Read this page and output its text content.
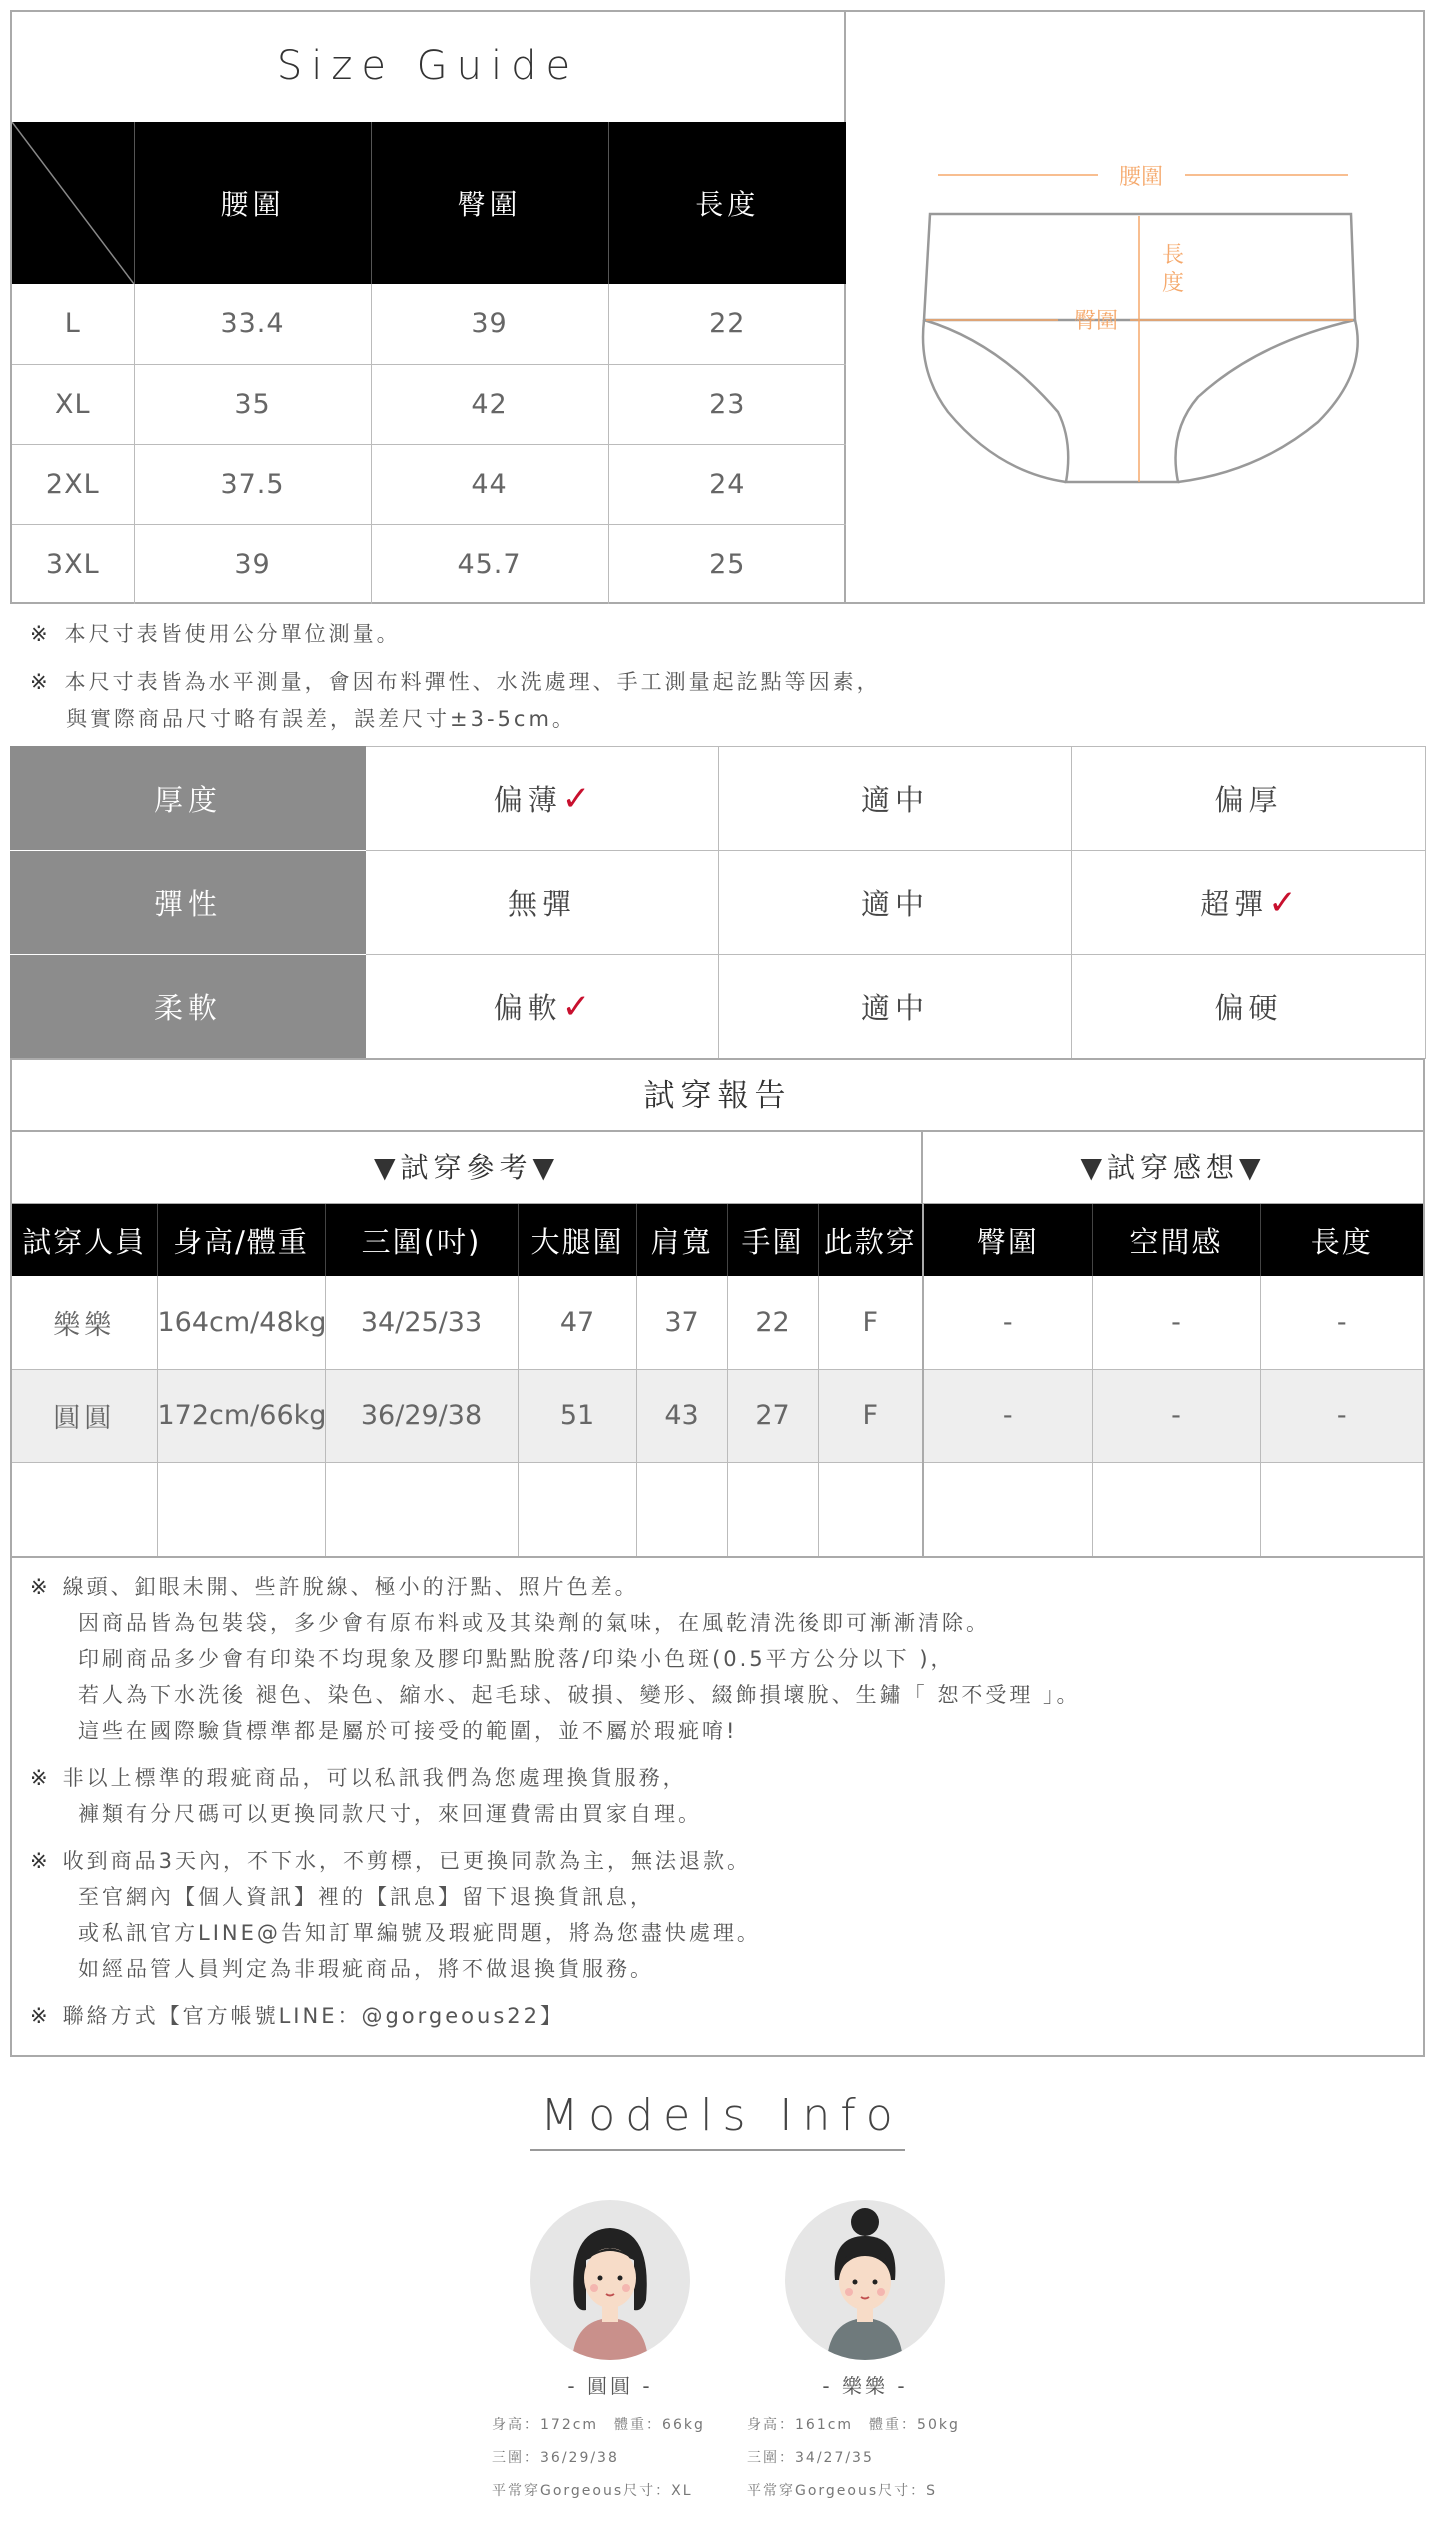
Size Guide
	腰圍	臀圍	長度
L	33.4	39	22
XL	35	42	23
2XL	37.5	44	24
3XL	39	45.7	25
腰圍
長
度
臀圍
※ 本尺寸表皆使用公分單位測量。
※ 本尺寸表皆為水平測量，會因布料彈性、水洗處理、手工測量起訖點等因素，
與實際商品尺寸略有誤差，誤差尺寸±3-5cm。
厚度	偏薄✓	適中	偏厚
彈性	無彈	適中	超彈✓
柔軟	偏軟✓	適中	偏硬
試穿報告
▼試穿參考▼	▼試穿感想▼
試穿人員	身高/體重	三圍(吋)	大腿圍	肩寬	手圍	此款穿	臀圍	空間感	長度
樂樂	164cm/48kg	34/25/33	47	37	22	F	-	-	-
圓圓	172cm/66kg	36/29/38	51	43	27	F	-	-	-

※ 線頭、釦眼未開、些許脫線、極小的汙點、照片色差。

因商品皆為包裝袋，多少會有原布料或及其染劑的氣味，在風乾清洗後即可漸漸清除。

印刷商品多少會有印染不均現象及膠印點點脫落/印染小色斑(0.5平方公分以下 )，

若人為下水洗後 褪色、染色、縮水、起毛球、破損、變形、綴飾損壞脫、生鏽「 恕不受理 」。

這些在國際驗貨標準都是屬於可接受的範圍，並不屬於瑕疵唷!

※ 非以上標準的瑕疵商品，可以私訊我們為您處理換貨服務，

褲類有分尺碼可以更換同款尺寸，來回運費需由買家自理。

※ 收到商品3天內，不下水，不剪標，已更換同款為主，無法退款。

至官網內【個人資訊】裡的【訊息】留下退換貨訊息，

或私訊官方LINE@告知訂單編號及瑕疵問題，將為您盡快處理。

如經品管人員判定為非瑕疵商品，將不做退換貨服務。

※ 聯絡方式【官方帳號LINE：@gorgeous22】

Models Info
- 圓圓 -
身高：172cm　體重：66kg
三圍：36/29/38
平常穿Gorgeous尺寸：XL
- 樂樂 -
身高：161cm　體重：50kg
三圍：34/27/35
平常穿Gorgeous尺寸：S
